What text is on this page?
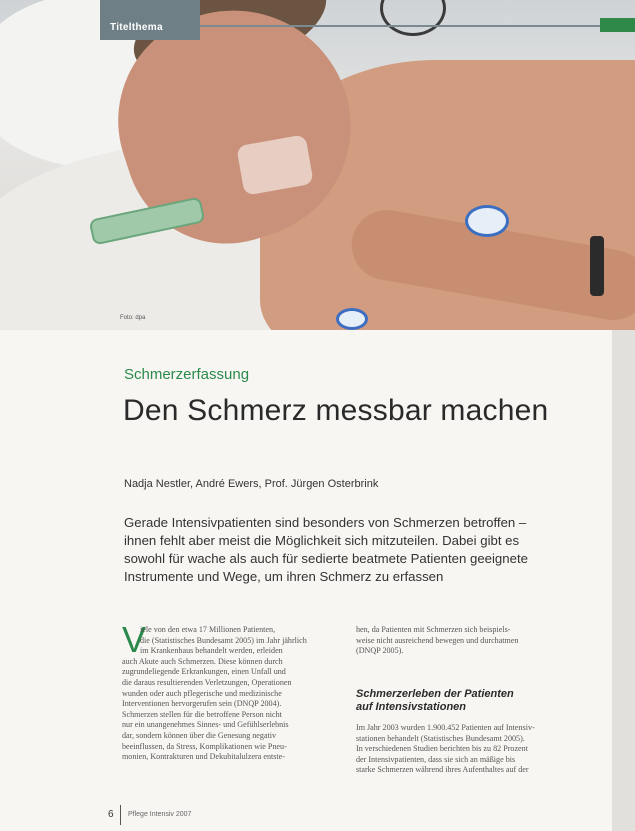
Foto: dpa
Titelthema
Schmerzerfassung
Den Schmerz messbar machen
Nadja Nestler, André Ewers, Prof. Jürgen Osterbrink
Gerade Intensivpatienten sind besonders von Schmerzen betroffen –
ihnen fehlt aber meist die Möglichkeit sich mitzuteilen. Dabei gibt es
sowohl für wache als auch für sedierte beatmete Patienten geeignete
Instrumente und Wege, um ihren Schmerz zu erfassen
V
iele von den etwa 17 Millionen Patienten,
die (Statistisches Bundesamt 2005) im Jahr jährlich
im Krankenhaus behandelt werden, erleiden
auch Akute auch Schmerzen. Diese können durch
zugrundeliegende Erkrankungen, einen Unfall und
die daraus resultierenden Verletzungen, Operationen
wunden oder auch pflegerische und medizinische
Interventionen hervorgerufen sein (DNQP 2004).
Schmerzen stellen für die betroffene Person nicht
nur ein unangenehmes Sinnes- und Gefühlserlebnis
dar, sondern können über die Genesung negativ
beeinflussen, da Stress, Komplikationen wie Pneu-
monien, Kontrakturen und Dekubitalulzera entste-
hen, da Patienten mit Schmerzen sich beispiels-
weise nicht ausreichend bewegen und durchatmen
(DNQP 2005).
Schmerzerleben der Patienten
auf Intensivstationen
Im Jahr 2003 wurden 1.900.452 Patienten auf Intensiv-
stationen behandelt (Statistisches Bundesamt 2005).
In verschiedenen Studien berichten bis zu 82 Prozent
der Intensivpatienten, dass sie sich an mäßige bis
starke Schmerzen während ihres Aufenthaltes auf der
6 Pflege Intensiv 2007
